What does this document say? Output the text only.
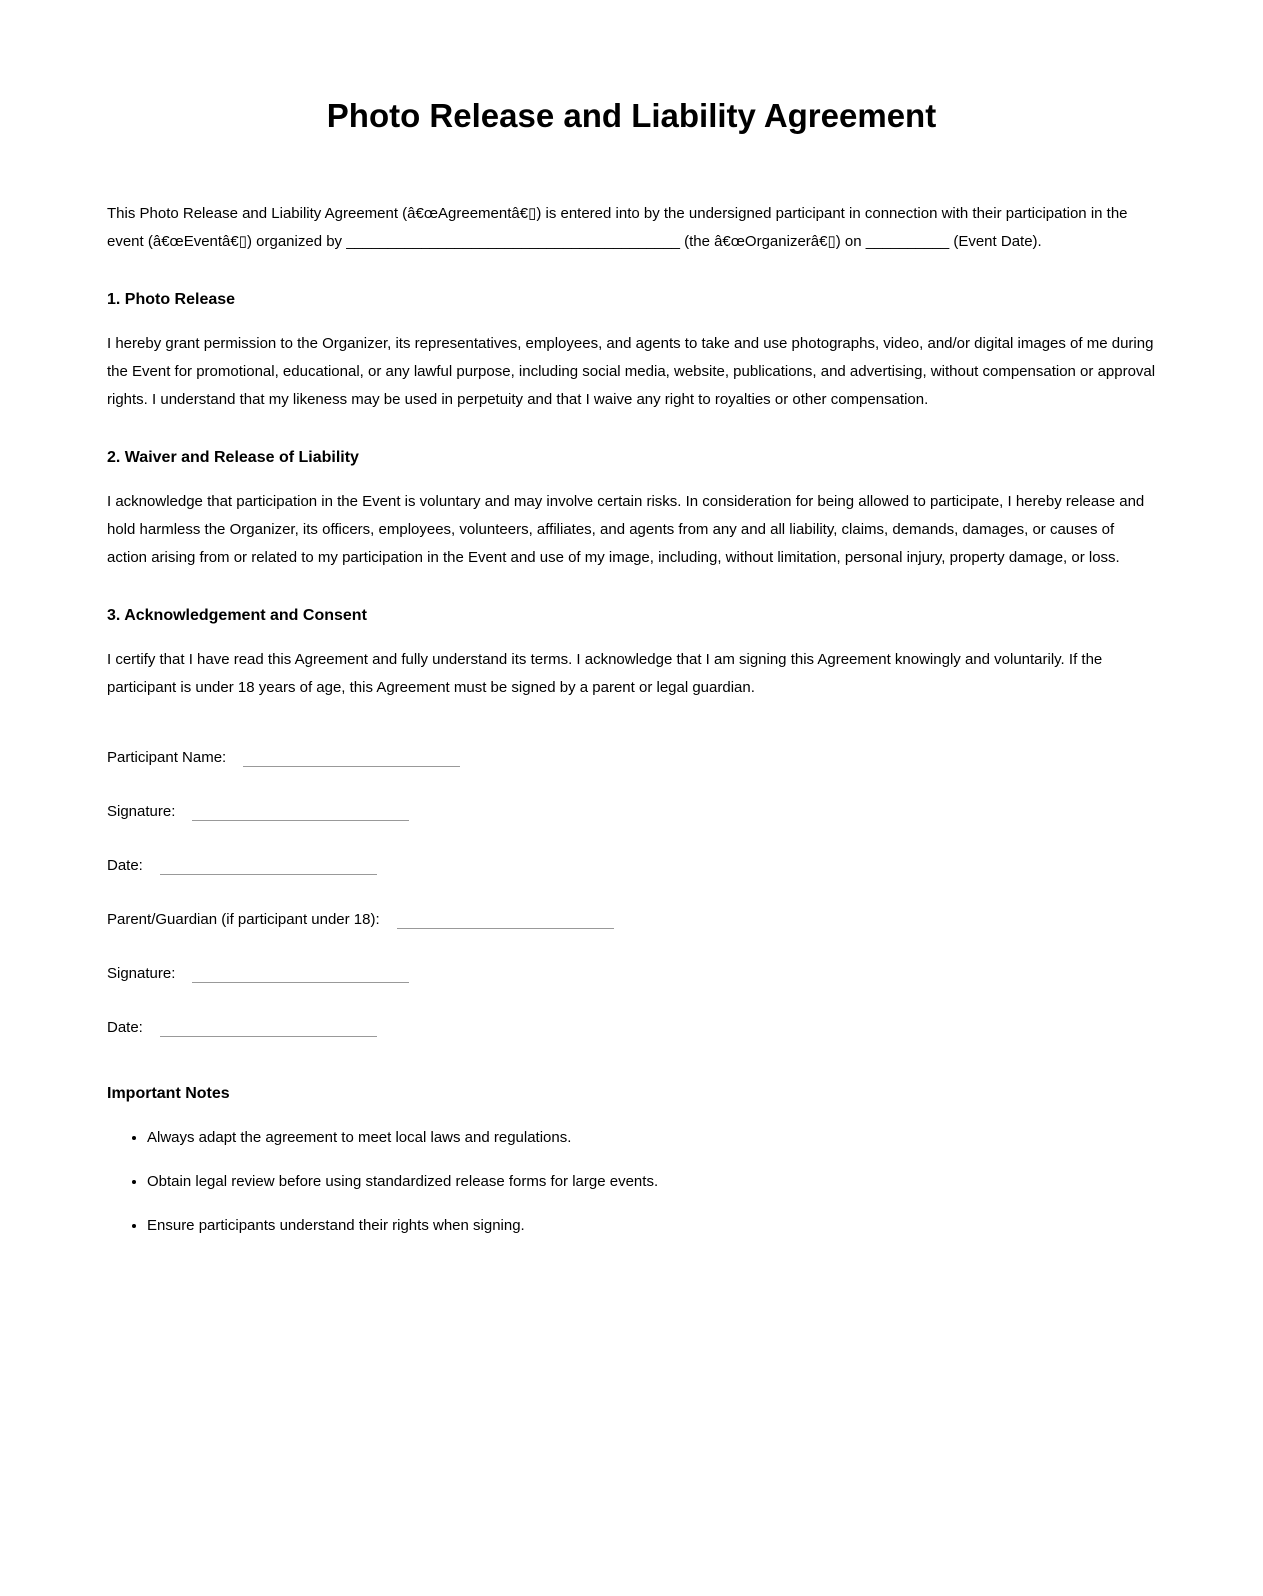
Photo Release and Liability Agreement

This Photo Release and Liability Agreement (â€œAgreementâ€▯) is entered into by the undersigned participant in connection with their participation in the event (â€œEventâ€▯) organized by ________________________________________ (the â€œOrganizerâ€▯) on __________ (Event Date).

1. Photo Release

I hereby grant permission to the Organizer, its representatives, employees, and agents to take and use photographs, video, and/or digital images of me during the Event for promotional, educational, or any lawful purpose, including social media, website, publications, and advertising, without compensation or approval rights. I understand that my likeness may be used in perpetuity and that I waive any right to royalties or other compensation.

2. Waiver and Release of Liability

I acknowledge that participation in the Event is voluntary and may involve certain risks. In consideration for being allowed to participate, I hereby release and hold harmless the Organizer, its officers, employees, volunteers, affiliates, and agents from any and all liability, claims, demands, damages, or causes of action arising from or related to my participation in the Event and use of my image, including, without limitation, personal injury, property damage, or loss.

3. Acknowledgement and Consent

I certify that I have read this Agreement and fully understand its terms. I acknowledge that I am signing this Agreement knowingly and voluntarily. If the participant is under 18 years of age, this Agreement must be signed by a parent or legal guardian.

Participant Name:
Signature:
Date:
Parent/Guardian (if participant under 18):
Signature:
Date:
Important Notes
• Always adapt the agreement to meet local laws and regulations.
• Obtain legal review before using standardized release forms for large events.
• Ensure participants understand their rights when signing.
